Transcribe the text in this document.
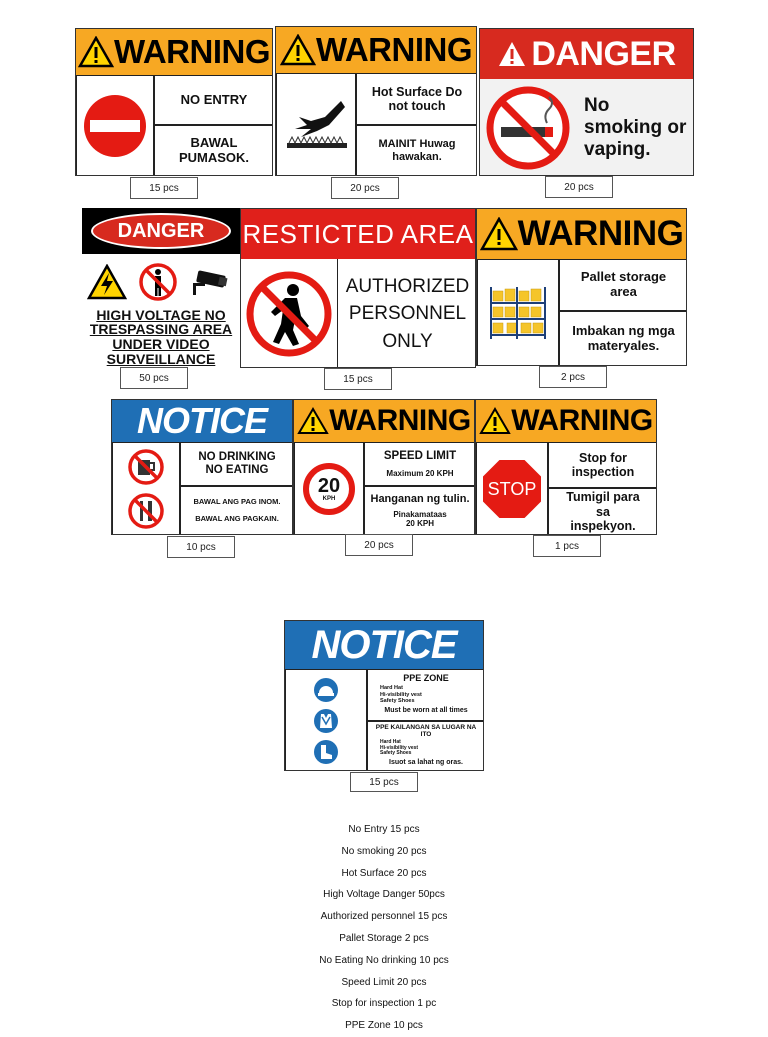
WARNING
NO ENTRY
BAWAL PUMASOK.
15 pcs
WARNING
Hot Surface Do not touch
MAINIT Huwag hawakan.
20 pcs
DANGER
No smoking or vaping.
20 pcs
DANGER
HIGH VOLTAGE NO TRESPASSING AREA UNDER VIDEO SURVEILLANCE
50 pcs
RESTICTED AREA
AUTHORIZED PERSONNEL ONLY
15 pcs
WARNING
Pallet storage area
Imbakan ng mga materyales.
2 pcs
NOTICE
NO DRINKING NO EATING
BAWAL ANG PAG INOM.
BAWAL ANG PAGKAIN.
10 pcs
WARNING
20
KPH
SPEED LIMIT
Maximum 20 KPH
Hanganan ng tulin.
Pinakamataas 20 KPH
20 pcs
WARNING
STOP
Stop for inspection
Tumigil para sa inspekyon.
1 pcs
NOTICE
PPE ZONE
Hard Hat
Hi-visibility vest
Safety Shoes
Must be worn at all times
PPE KAILANGAN SA LUGAR NA ITO
Hard Hat
Hi-visibility vest
Safety Shoes
Isuot sa lahat ng oras.
15 pcs
No Entry 15 pcs
No smoking 20 pcs
Hot Surface 20 pcs
High Voltage Danger 50pcs
Authorized personnel 15 pcs
Pallet Storage 2 pcs
No Eating No drinking 10 pcs
Speed Limit 20 pcs
Stop for inspection 1 pc
PPE Zone 10 pcs
